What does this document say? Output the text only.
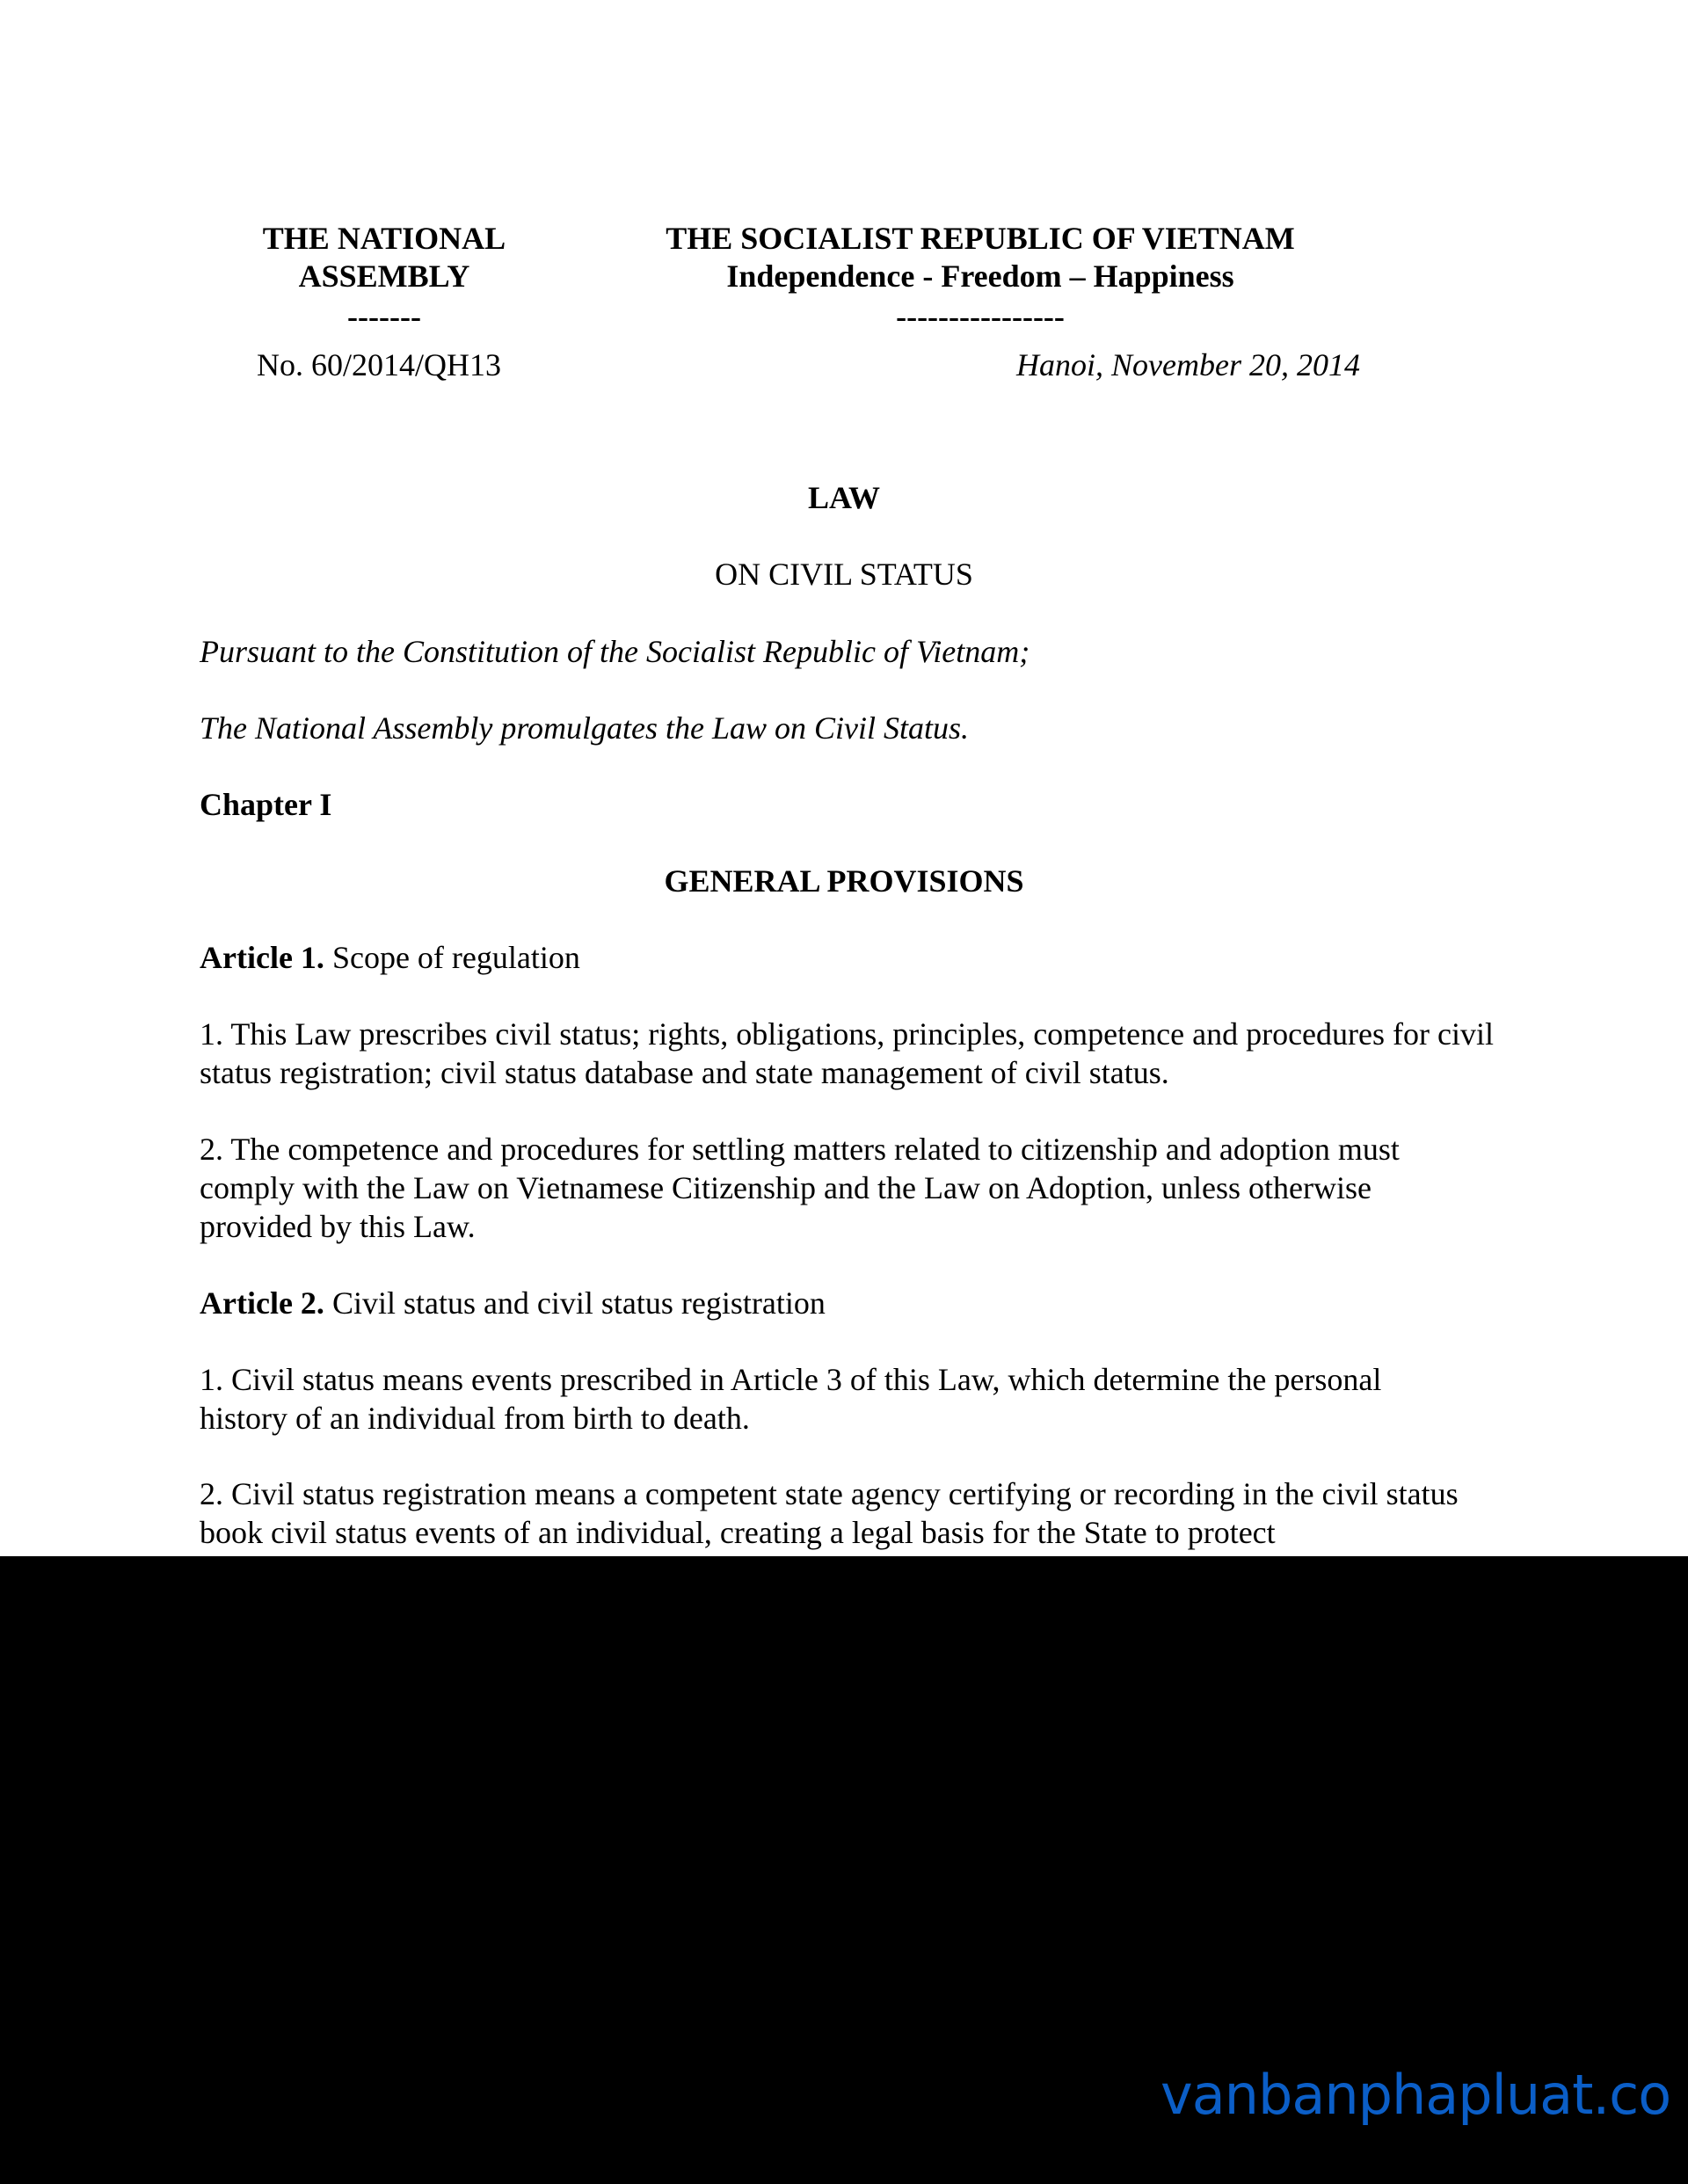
THE NATIONAL
ASSEMBLY
-------
THE SOCIALIST REPUBLIC OF VIETNAM
Independence - Freedom – Happiness
----------------
No. 60/2014/QH13	Hanoi, November 20, 2014
LAW
ON CIVIL STATUS
Pursuant to the Constitution of the Socialist Republic of Vietnam;
The National Assembly promulgates the Law on Civil Status.
Chapter I
GENERAL PROVISIONS
Article 1. Scope of regulation
1. This Law prescribes civil status; rights, obligations, principles, competence and procedures for civil status registration; civil status database and state management of civil status.
2. The competence and procedures for settling matters related to citizenship and adoption must comply with the Law on Vietnamese Citizenship and the Law on Adoption, unless otherwise provided by this Law.
Article 2. Civil status and civil status registration
1. Civil status means events prescribed in Article 3 of this Law, which determine the personal history of an individual from birth to death.
2. Civil status registration means a competent state agency certifying or recording in the civil status book civil status events of an individual, creating a legal basis for the State to protect
vanbanphapluat.co
